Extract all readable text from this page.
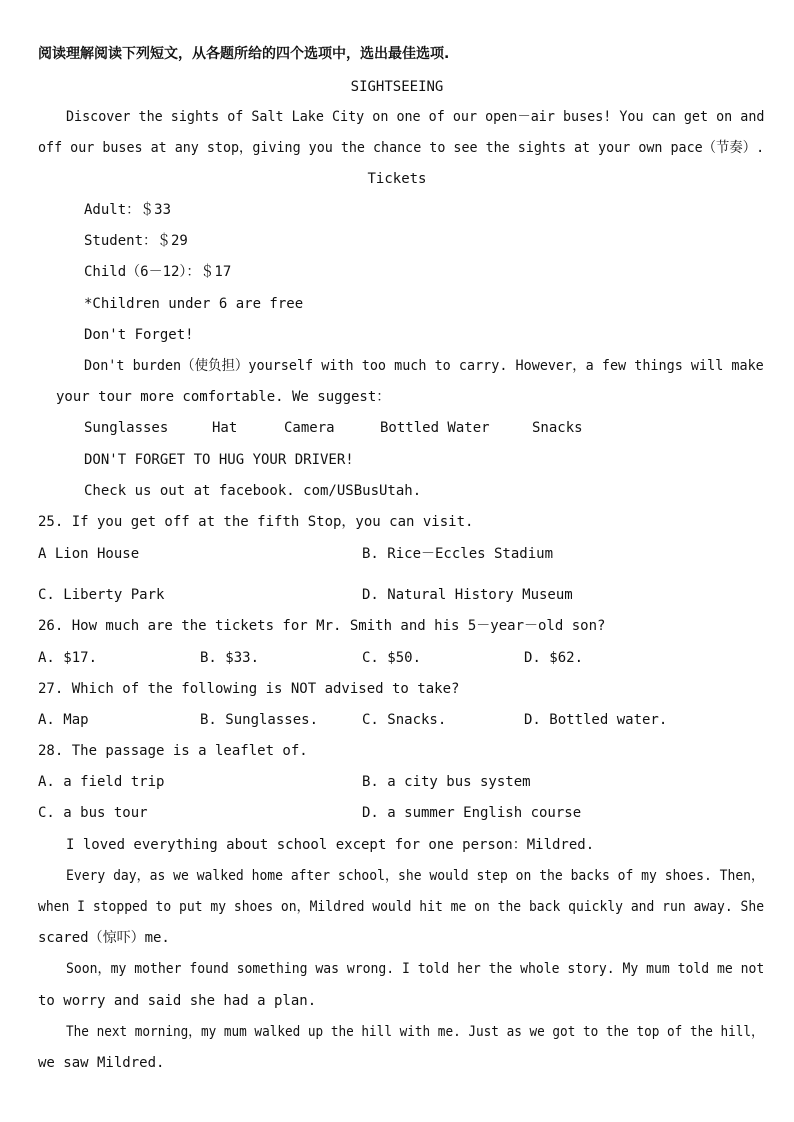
阅读理解阅读下列短文，从各题所给的四个选项中，选出最佳选项.
SIGHTSEEING
Discover the sights of Salt Lake City on one of our open－air buses! You can get on and
off our buses at any stop，giving you the chance to see the sights at your own pace（节奏）.
Tickets
Adult：＄33
Student：＄29
Child（6－12）：＄17
*Children under 6 are free
Don't Forget!
Don't burden（使负担）yourself with too much to carry. However，a few things will make
your tour more comfortable. We suggest：
Sunglasses	Hat	Camera	Bottled Water	Snacks
DON'T FORGET TO HUG YOUR DRIVER!
Check us out at facebook. com/USBusUtah.
25. If you get off at the fifth Stop，you can visit.
A Lion House	B. Rice－Eccles Stadium
C. Liberty Park	D. Natural History Museum
26. How much are the tickets for Mr. Smith and his 5－year－old son?
A. $17.	B. $33.	C. $50.	D. $62.
27. Which of the following is NOT advised to take?
A. Map	B. Sunglasses.	C. Snacks.	D. Bottled water.
28. The passage is a leaflet of.
A. a field trip	B. a city bus system
C. a bus tour	D. a summer English course
I loved everything about school except for one person：Mildred.
Every day，as we walked home after school，she would step on the backs of my shoes. Then，
when I stopped to put my shoes on，Mildred would hit me on the back quickly and run away. She
scared（惊吓）me.
Soon，my mother found something was wrong. I told her the whole story. My mum told me not
to worry and said she had a plan.
The next morning，my mum walked up the hill with me. Just as we got to the top of the hill，
we saw Mildred.
